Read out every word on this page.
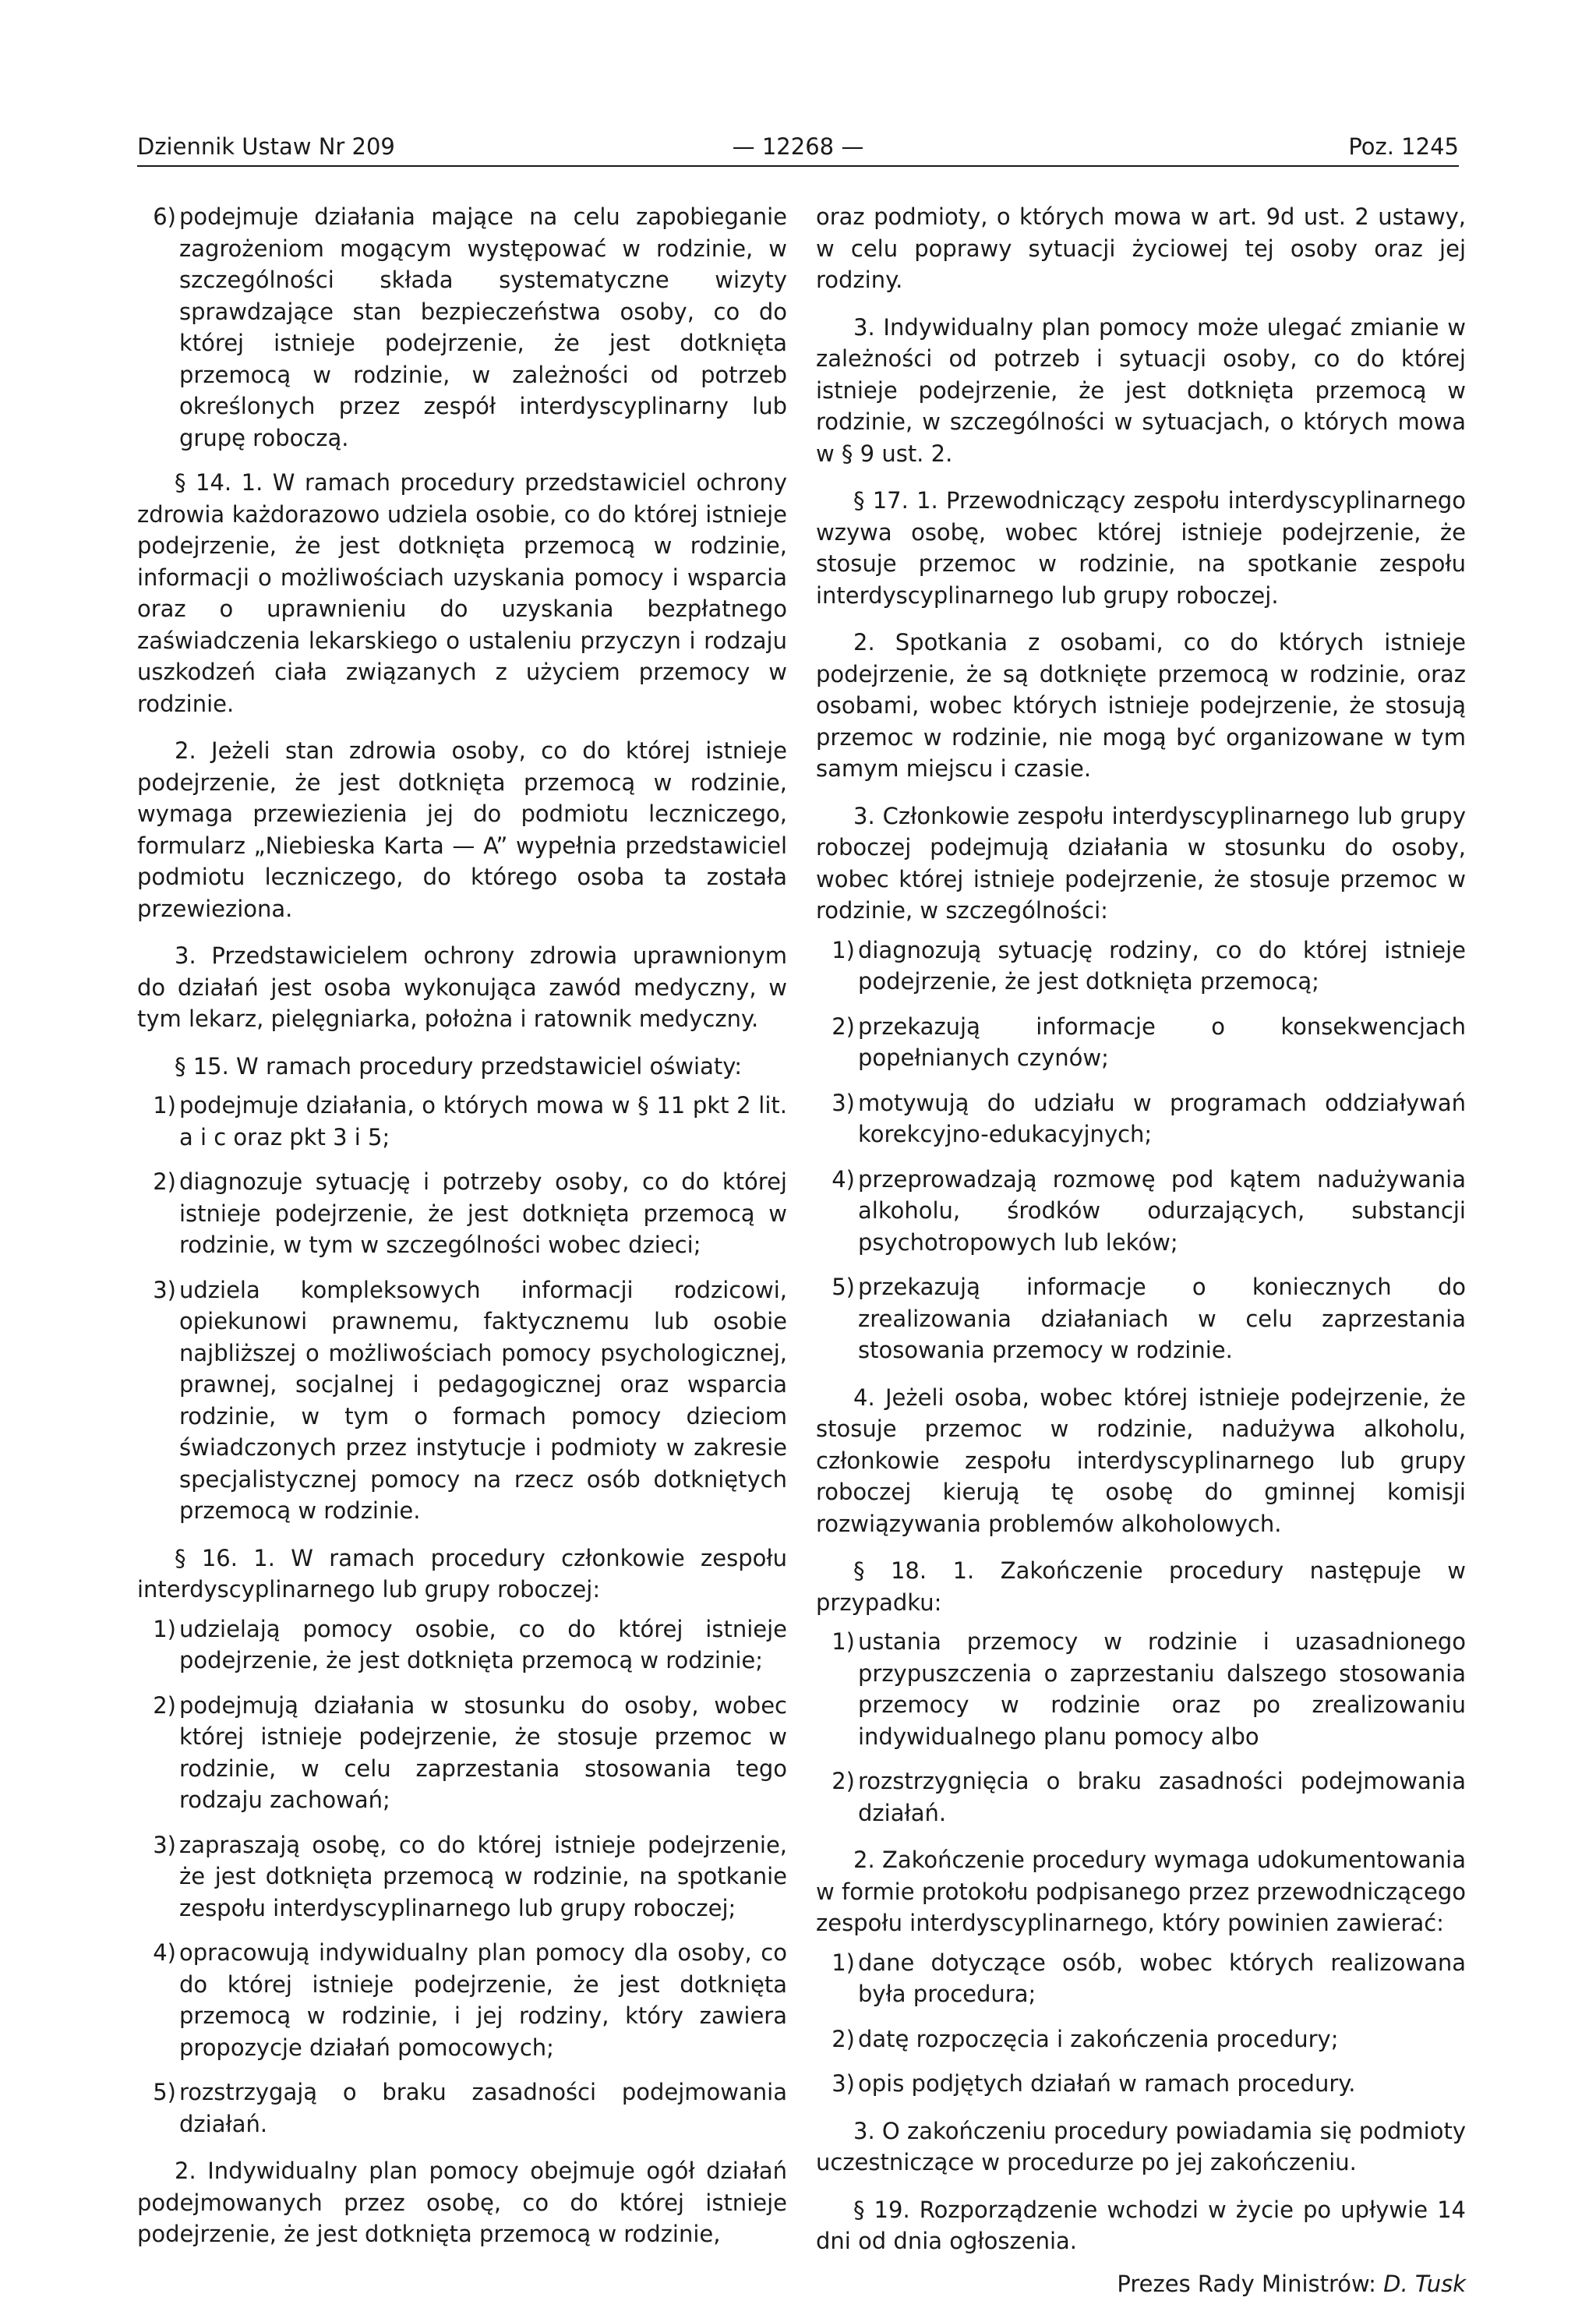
Dziennik Ustaw Nr 209	— 12268 —	Poz. 1245
6) podejmuje działania mające na celu zapobieganie zagrożeniom mogącym występować w rodzinie, w szczególności składa systematyczne wizyty sprawdzające stan bezpieczeństwa osoby, co do której istnieje podejrzenie, że jest dotknięta przemocą w rodzinie, w zależności od potrzeb określonych przez zespół interdyscyplinarny lub grupę roboczą.

§ 14. 1. W ramach procedury przedstawiciel ochrony zdrowia każdorazowo udziela osobie, co do której istnieje podejrzenie, że jest dotknięta przemocą w rodzinie, informacji o możliwościach uzyskania pomocy i wsparcia oraz o uprawnieniu do uzyskania bezpłatnego zaświadczenia lekarskiego o ustaleniu przyczyn i rodzaju uszkodzeń ciała związanych z użyciem przemocy w rodzinie.

2. Jeżeli stan zdrowia osoby, co do której istnieje podejrzenie, że jest dotknięta przemocą w rodzinie, wymaga przewiezienia jej do podmiotu leczniczego, formularz „Niebieska Karta — A” wypełnia przedstawiciel podmiotu leczniczego, do którego osoba ta została przewieziona.

3. Przedstawicielem ochrony zdrowia uprawnionym do działań jest osoba wykonująca zawód medyczny, w tym lekarz, pielęgniarka, położna i ratownik medyczny.

§ 15. W ramach procedury przedstawiciel oświaty:

1) podejmuje działania, o których mowa w § 11 pkt 2 lit. a i c oraz pkt 3 i 5;
2) diagnozuje sytuację i potrzeby osoby, co do której istnieje podejrzenie, że jest dotknięta przemocą w rodzinie, w tym w szczególności wobec dzieci;
3) udziela kompleksowych informacji rodzicowi, opiekunowi prawnemu, faktycznemu lub osobie najbliższej o możliwościach pomocy psychologicznej, prawnej, socjalnej i pedagogicznej oraz wsparcia rodzinie, w tym o formach pomocy dzieciom świadczonych przez instytucje i podmioty w zakresie specjalistycznej pomocy na rzecz osób dotkniętych przemocą w rodzinie.

§ 16. 1. W ramach procedury członkowie zespołu interdyscyplinarnego lub grupy roboczej:

1) udzielają pomocy osobie, co do której istnieje podejrzenie, że jest dotknięta przemocą w rodzinie;
2) podejmują działania w stosunku do osoby, wobec której istnieje podejrzenie, że stosuje przemoc w rodzinie, w celu zaprzestania stosowania tego rodzaju zachowań;
3) zapraszają osobę, co do której istnieje podejrzenie, że jest dotknięta przemocą w rodzinie, na spotkanie zespołu interdyscyplinarnego lub grupy roboczej;
4) opracowują indywidualny plan pomocy dla osoby, co do której istnieje podejrzenie, że jest dotknięta przemocą w rodzinie, i jej rodziny, który zawiera propozycje działań pomocowych;
5) rozstrzygają o braku zasadności podejmowania działań.

2. Indywidualny plan pomocy obejmuje ogół działań podejmowanych przez osobę, co do której istnieje podejrzenie, że jest dotknięta przemocą w rodzinie,

oraz podmioty, o których mowa w art. 9d ust. 2 ustawy, w celu poprawy sytuacji życiowej tej osoby oraz jej rodziny.

3. Indywidualny plan pomocy może ulegać zmianie w zależności od potrzeb i sytuacji osoby, co do której istnieje podejrzenie, że jest dotknięta przemocą w rodzinie, w szczególności w sytuacjach, o których mowa w § 9 ust. 2.

§ 17. 1. Przewodniczący zespołu interdyscyplinarnego wzywa osobę, wobec której istnieje podejrzenie, że stosuje przemoc w rodzinie, na spotkanie zespołu interdyscyplinarnego lub grupy roboczej.

2. Spotkania z osobami, co do których istnieje podejrzenie, że są dotknięte przemocą w rodzinie, oraz osobami, wobec których istnieje podejrzenie, że stosują przemoc w rodzinie, nie mogą być organizowane w tym samym miejscu i czasie.

3. Członkowie zespołu interdyscyplinarnego lub grupy roboczej podejmują działania w stosunku do osoby, wobec której istnieje podejrzenie, że stosuje przemoc w rodzinie, w szczególności:

1) diagnozują sytuację rodziny, co do której istnieje podejrzenie, że jest dotknięta przemocą;
2) przekazują informacje o konsekwencjach popełnianych czynów;
3) motywują do udziału w programach oddziaływań korekcyjno-edukacyjnych;
4) przeprowadzają rozmowę pod kątem nadużywania alkoholu, środków odurzających, substancji psychotropowych lub leków;
5) przekazują informacje o koniecznych do zrealizowania działaniach w celu zaprzestania stosowania przemocy w rodzinie.

4. Jeżeli osoba, wobec której istnieje podejrzenie, że stosuje przemoc w rodzinie, nadużywa alkoholu, członkowie zespołu interdyscyplinarnego lub grupy roboczej kierują tę osobę do gminnej komisji rozwiązywania problemów alkoholowych.

§ 18. 1. Zakończenie procedury następuje w przypadku:

1) ustania przemocy w rodzinie i uzasadnionego przypuszczenia o zaprzestaniu dalszego stosowania przemocy w rodzinie oraz po zrealizowaniu indywidualnego planu pomocy albo
2) rozstrzygnięcia o braku zasadności podejmowania działań.

2. Zakończenie procedury wymaga udokumentowania w formie protokołu podpisanego przez przewodniczącego zespołu interdyscyplinarnego, który powinien zawierać:

1) dane dotyczące osób, wobec których realizowana była procedura;
2) datę rozpoczęcia i zakończenia procedury;
3) opis podjętych działań w ramach procedury.

3. O zakończeniu procedury powiadamia się podmioty uczestniczące w procedurze po jej zakończeniu.

§ 19. Rozporządzenie wchodzi w życie po upływie 14 dni od dnia ogłoszenia.

Prezes Rady Ministrów: D. Tusk
